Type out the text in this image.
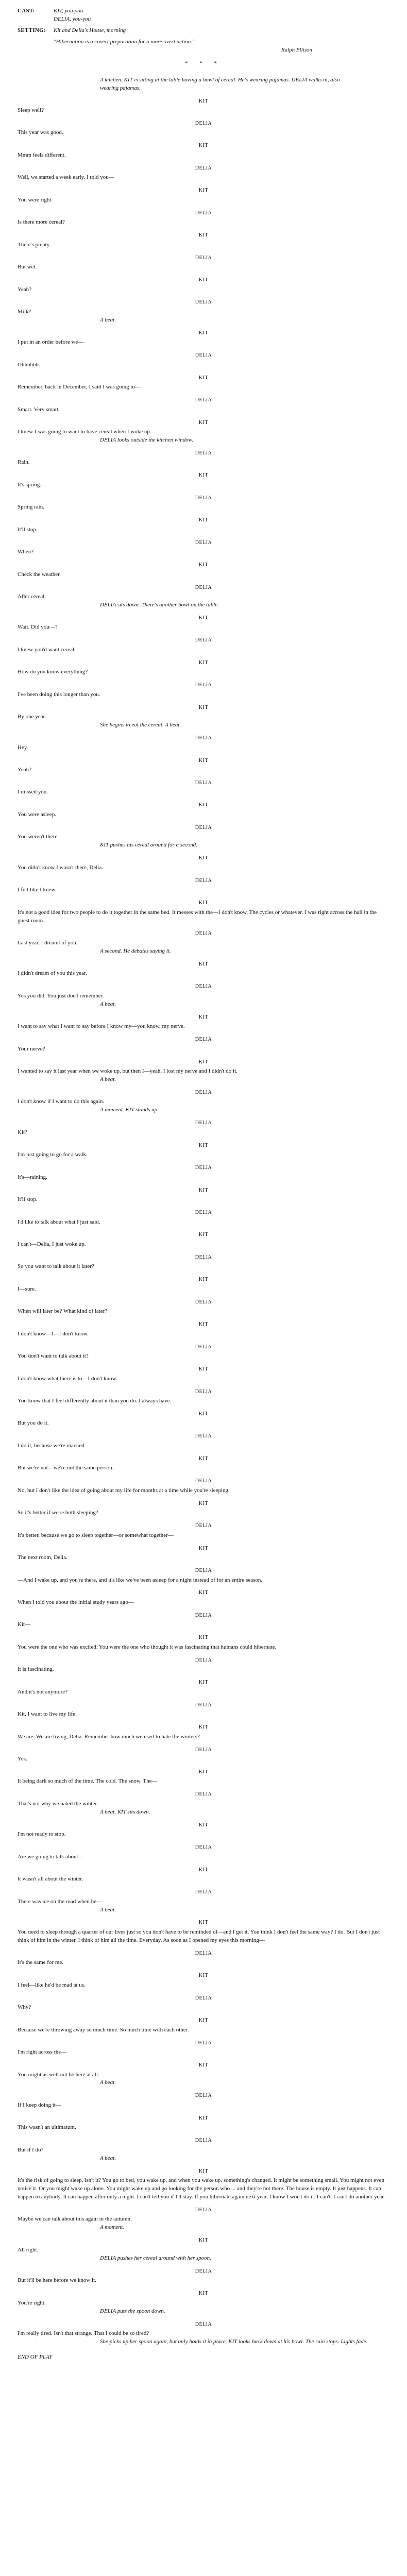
CAST:	KIT, you-you
DELIA, you-you
SETTING:	Kit and Delia's House, morning
"Hibernation is a covert preparation for a more overt action."
Ralph Ellison
* * *
A kitchen. KIT is sitting at the table having a bowl of cereal. He's wearing pajamas. DELIA walks in, also wearing pajamas.
KIT
Sleep well?
DELIA
This year was good.
KIT
Mmm feels different.
DELIA
Well, we started a week early. I told you—
KIT
You were right.
DELIA
Is there more cereal?
KIT
There's plenty.
DELIA
But wet.
KIT
Yeah?
DELIA
Milk?
A beat.
KIT
I put in an order before we—
DELIA
Ohhhhhh.
KIT
Remember, back in December, I said I was going to—
DELIA
Smart. Very smart.
KIT
I knew I was going to want to have cereal when I woke up.
DELIA looks outside the kitchen window.
DELIA
Rain.
KIT
It's spring.
DELIA
Spring rain.
KIT
It'll stop.
DELIA
When?
KIT
Check the weather.
DELIA
After cereal.
DELIA sits down. There's another bowl on the table.
KIT
Wait. Did you—?
DELIA
I knew you'd want cereal.
KIT
How do you know everything?
DELIA
I've been doing this longer than you.
KIT
By one year.
She begins to eat the cereal. A beat.
DELIA
Hey.
KIT
Yeah?
DELIA
I missed you.
KIT
You were asleep.
DELIA
You weren't there.
KIT pushes his cereal around for a second.
KIT
You didn't know I wasn't there, Delia.
DELIA
I felt like I knew.
KIT
It's not a good idea for two people to do it together in the same bed. It messes with the—I don't know. The cycles or whatever. I was right across the hall in the guest room.
DELIA
Last year, I dreamt of you.
A second. He debates saying it.
KIT
I didn't dream of you this year.
DELIA
Yes you did. You just don't remember.
A beat.
KIT
I want to say what I want to say before I know my—you know, my nerve.
DELIA
Your nerve?
KIT
I wanted to say it last year when we woke up, but then I—yeah, I lost my nerve and I didn't do it.
A beat.
DELIA
I don't know if I want to do this again.
A moment. KIT stands up.
DELIA
Kit?
KIT
I'm just going to go for a walk.
DELIA
It's—raining.
KIT
It'll stop.
DELIA
I'd like to talk about what I just said.
KIT
I can't—Delia, I just woke up.
DELIA
So you want to talk about it later?
KIT
I—sure.
DELIA
When will later be? What kind of later?
KIT
I don't know—I—I don't know.
DELIA
You don't want to talk about it?
KIT
I don't know what there is to—I don't know.
DELIA
You know that I feel differently about it than you do. I always have.
KIT
But you do it.
DELIA
I do it, because we're married.
KIT
But we're not—we're not the same person.
DELIA
No, but I don't like the idea of going about my life for months at a time while you're sleeping.
KIT
So it's better if we're both sleeping?
DELIA
It's better, because we go to sleep together—or somewhat together—
KIT
The next room, Delia.
DELIA
—And I wake up, and you're there, and it's like we've been asleep for a night instead of for an entire season.
KIT
When I told you about the initial study years ago—
DELIA
Kit—
KIT
You were the one who was excited. You were the one who thought it was fascinating that humans could hibernate.
DELIA
It is fascinating.
KIT
And it's not anymore?
DELIA
Kit, I want to live my life.
KIT
We are. We are living, Delia. Remember how much we used to hate the winters?
DELIA
Yes.
KIT
It being dark so much of the time. The cold. The snow. The—
DELIA
That's not why we hated the winter.
A beat. KIT sits down.
KIT
I'm not ready to stop.
DELIA
Are we going to talk about—
KIT
It wasn't all about the winter.
DELIA
There was ice on the road when he—
A beat.
KIT
You need to sleep through a quarter of our lives just so you don't have to be reminded of—and I get it. You think I don't feel the same way? I do. But I don't just think of him in the winter. I think of him all the time. Everyday. As soon as I opened my eyes this morning—
DELIA
It's the same for me.
KIT
I feel—like he'd be mad at us.
DELIA
Why?
KIT
Because we're throwing away so much time. So much time with each other.
DELIA
I'm right across the—
KIT
You might as well not be here at all.
A beat.
DELIA
If I keep doing it—
KIT
This wasn't an ultimatum.
DELIA
But if I do?
A beat.
KIT
It's the risk of going to sleep, isn't it? You go to bed, you wake up, and when you wake up, something's changed. It might be something small. You might not even notice it. Or you might wake up alone. You might wake up and go looking for the person who ... and they're not there. The house is empty. It just happens. It can happen to anybody. It can happen after only a night. I can't tell you if I'll stay. If you hibernate again next year, I know I won't do it. I can't. I can't do another year.
DELIA
Maybe we can talk about this again in the autumn.
A moment.
KIT
All right.
DELIA pushes her cereal around with her spoon.
DELIA
But it'll be here before we know it.
KIT
You're right.
DELIA puts the spoon down.
DELIA
I'm really tired. Isn't that strange. That I could be so tired?
She picks up her spoon again, but only holds it in place. KIT looks back down at his bowl. The rain stops. Lights fade.
END OF PLAY
